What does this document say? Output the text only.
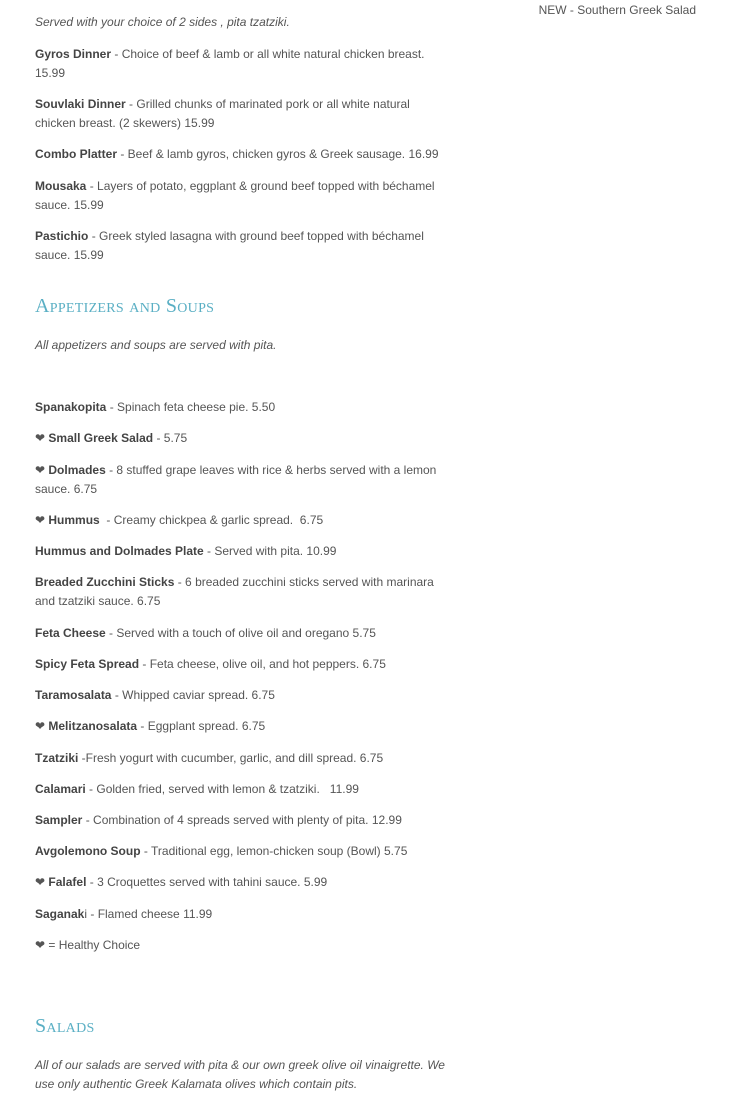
NEW - Southern Greek Salad

Served with your choice of 2 sides , pita tzatziki.

Gyros Dinner - Choice of beef & lamb or all white natural chicken breast. 15.99

Souvlaki Dinner - Grilled chunks of marinated pork or all white natural chicken breast. (2 skewers) 15.99

Combo Platter - Beef & lamb gyros, chicken gyros & Greek sausage. 16.99

Mousaka - Layers of potato, eggplant & ground beef topped with béchamel sauce. 15.99

Pastichio - Greek styled lasagna with ground beef topped with béchamel sauce. 15.99

Appetizers and Soups

All appetizers and soups are served with pita.

Spanakopita - Spinach feta cheese pie. 5.50

❤ Small Greek Salad - 5.75

❤ Dolmades - 8 stuffed grape leaves with rice & herbs served with a lemon sauce. 6.75

❤ Hummus  - Creamy chickpea & garlic spread.  6.75

Hummus and Dolmades Plate - Served with pita. 10.99

Breaded Zucchini Sticks - 6 breaded zucchini sticks served with marinara and tzatziki sauce. 6.75

Feta Cheese - Served with a touch of olive oil and oregano 5.75

Spicy Feta Spread - Feta cheese, olive oil, and hot peppers. 6.75

Taramosalata - Whipped caviar spread. 6.75

❤ Melitzanosalata - Eggplant spread. 6.75

Tzatziki -Fresh yogurt with cucumber, garlic, and dill spread. 6.75

Calamari - Golden fried, served with lemon & tzatziki.   11.99

Sampler - Combination of 4 spreads served with plenty of pita. 12.99

Avgolemono Soup - Traditional egg, lemon-chicken soup (Bowl) 5.75

❤ Falafel - 3 Croquettes served with tahini sauce. 5.99

Saganaki - Flamed cheese 11.99

❤ = Healthy Choice

Salads

All of our salads are served with pita & our own greek olive oil vinaigrette. We use only authentic Greek Kalamata olives which contain pits.
